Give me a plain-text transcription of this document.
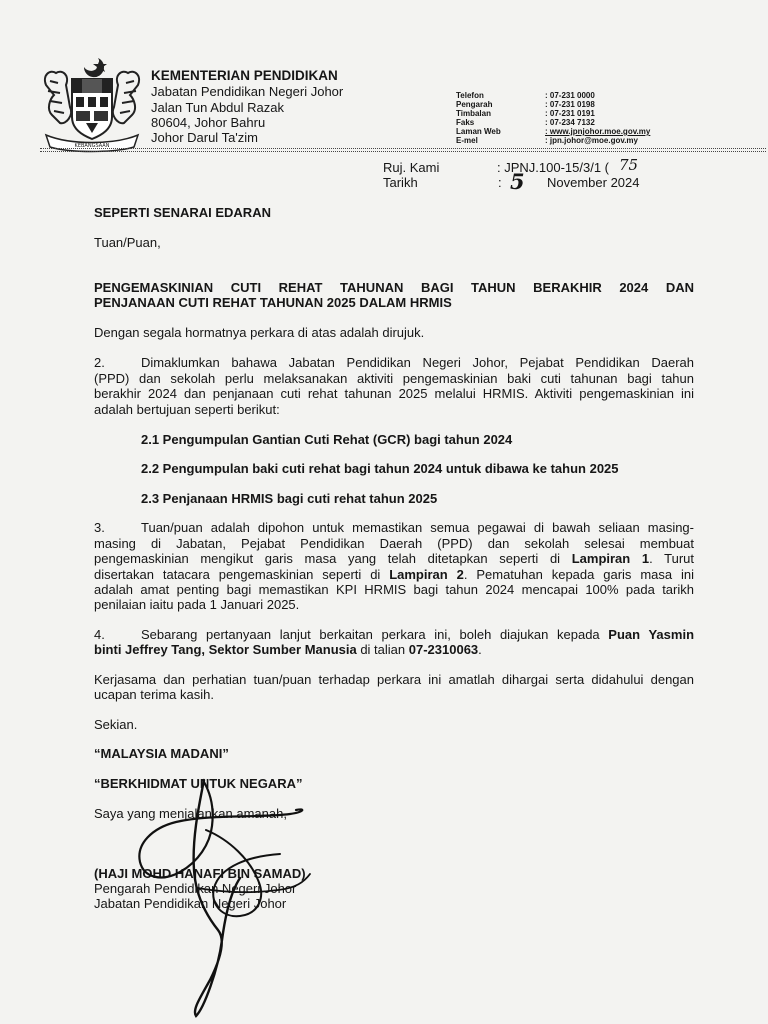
KEBANGSAAN
KEMENTERIAN PENDIDIKAN
Jabatan Pendidikan Negeri Johor
Jalan Tun Abdul Razak
80604, Johor Bahru
Johor Darul Ta'zim
Telefon	: 07-231 0000
Pengarah	: 07-231 0198
Timbalan	: 07-231 0191
Faks	: 07-234 7132
Laman Web	: www.jpnjohor.moe.gov.my
E-mel	: jpn.johor@moe.gov.my
Ruj. Kami	: JPNJ.100-15/3/1 ( 75
Tarikh	: 5 November 2024
SEPERTI SENARAI EDARAN
Tuan/Puan,
PENGEMASKINIAN CUTI REHAT TAHUNAN BAGI TAHUN BERAKHIR 2024 DAN
PENJANAAN CUTI REHAT TAHUNAN 2025 DALAM HRMIS
Dengan segala hormatnya perkara di atas adalah dirujuk.
2.	Dimaklumkan bahawa Jabatan Pendidikan Negeri Johor, Pejabat Pendidikan Daerah
(PPD) dan sekolah perlu melaksanakan aktiviti pengemaskinian baki cuti tahunan bagi tahun
berakhir 2024 dan penjanaan cuti rehat tahunan 2025 melalui HRMIS. Aktiviti pengemaskinian ini
adalah bertujuan seperti berikut:
2.1 Pengumpulan Gantian Cuti Rehat (GCR) bagi tahun 2024
2.2 Pengumpulan baki cuti rehat bagi tahun 2024 untuk dibawa ke tahun 2025
2.3 Penjanaan HRMIS bagi cuti rehat tahun 2025
3.	Tuan/puan adalah dipohon untuk memastikan semua pegawai di bawah seliaan masing-
masing di Jabatan, Pejabat Pendidikan Daerah (PPD) dan sekolah selesai membuat
pengemaskinian mengikut garis masa yang telah ditetapkan seperti di Lampiran 1. Turut
disertakan tatacara pengemaskinian seperti di Lampiran 2. Pematuhan kepada garis masa ini
adalah amat penting bagi memastikan KPI HRMIS bagi tahun 2024 mencapai 100% pada tarikh
penilaian iaitu pada 1 Januari 2025.
4.	Sebarang pertanyaan lanjut berkaitan perkara ini, boleh diajukan kepada Puan Yasmin
binti Jeffrey Tang, Sektor Sumber Manusia di talian 07-2310063.
Kerjasama dan perhatian tuan/puan terhadap perkara ini amatlah dihargai serta didahului dengan
ucapan terima kasih.
Sekian.
“MALAYSIA MADANI”
“BERKHIDMAT UNTUK NEGARA”
Saya yang menjalankan amanah,
(HAJI MOHD HANAFI BIN SAMAD)
Pengarah Pendidikan Negeri Johor
Jabatan Pendidikan Negeri Johor
